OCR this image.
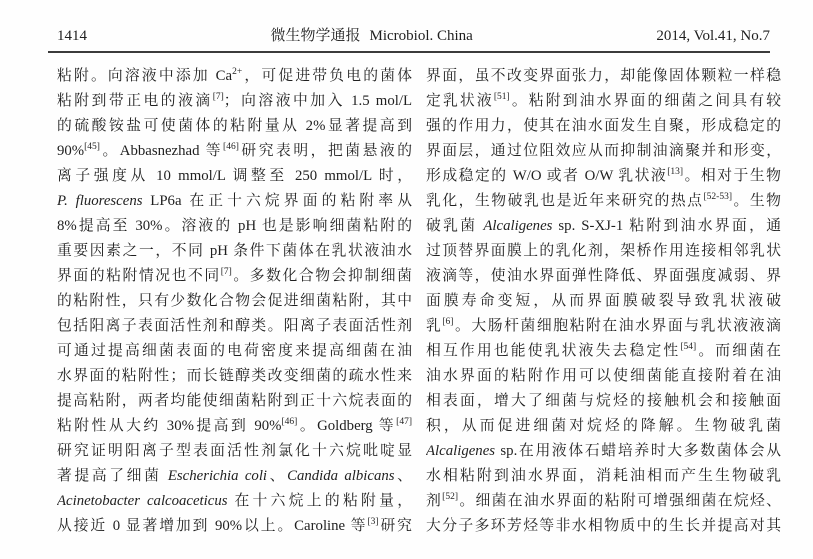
1414	微生物学通报 Microbiol. China	2014, Vol.41, No.7
粘附。向溶液中添加 $Ca^{2+}$，可促进带负电的菌体
粘附到带正电的液滴[7]；向溶液中加入 1.5 mol/L
的硫酸铵盐可使菌体的粘附量从 2%显著提高到
90%[45]。Abbasnezhad 等[46]研究表明，把菌悬液的
离子强度从 10 mmol/L 调整至 250 mmol/L 时，
P. fluorescens LP6a 在正十六烷界面的粘附率从
8%提高至 30%。溶液的 pH 也是影响细菌粘附的
重要因素之一，不同 pH 条件下菌体在乳状液油水
界面的粘附情况也不同[7]。多数化合物会抑制细菌
的粘附性，只有少数化合物会促进细菌粘附，其中
包括阳离子表面活性剂和醇类。阳离子表面活性剂
可通过提高细菌表面的电荷密度来提高细菌在油
水界面的粘附性；而长链醇类改变细菌的疏水性来
提高粘附，两者均能使细菌粘附到正十六烷表面的
粘附性从大约 30%提高到 90%[46]。Goldberg 等[47]
研究证明阳离子型表面活性剂氯化十六烷吡啶显
著提高了细菌 Escherichia coli、Candida albicans、
Acinetobacter calcoaceticus 在十六烷上的粘附量，
从接近 0 显著增加到 90%以上。Caroline 等[3]研究
界面，虽不改变界面张力，却能像固体颗粒一样稳
定乳状液[51]。粘附到油水界面的细菌之间具有较
强的作用力，使其在油水面发生自聚，形成稳定的
界面层，通过位阻效应从而抑制油滴聚并和形变，
形成稳定的 W/O 或者 O/W 乳状液[13]。相对于生物
乳化，生物破乳也是近年来研究的热点[52-53]。生物
破乳菌 Alcaligenes sp. S-XJ-1 粘附到油水界面，通
过顶替界面膜上的乳化剂，架桥作用连接相邻乳状
液滴等，使油水界面弹性降低、界面强度减弱、界
面膜寿命变短，从而界面膜破裂导致乳状液破
乳[6]。大肠杆菌细胞粘附在油水界面与乳状液液滴
相互作用也能使乳状液失去稳定性[54]。而细菌在
油水界面的粘附作用可以使细菌能直接附着在油
相表面，增大了细菌与烷烃的接触机会和接触面
积，从而促进细菌对烷烃的降解。生物破乳菌
Alcaligenes sp.在用液体石蜡培养时大多数菌体会从
水相粘附到油水界面，消耗油相而产生生物破乳
剂[52]。细菌在油水界面的粘附可增强细菌在烷烃、
大分子多环芳烃等非水相物质中的生长并提高对其
